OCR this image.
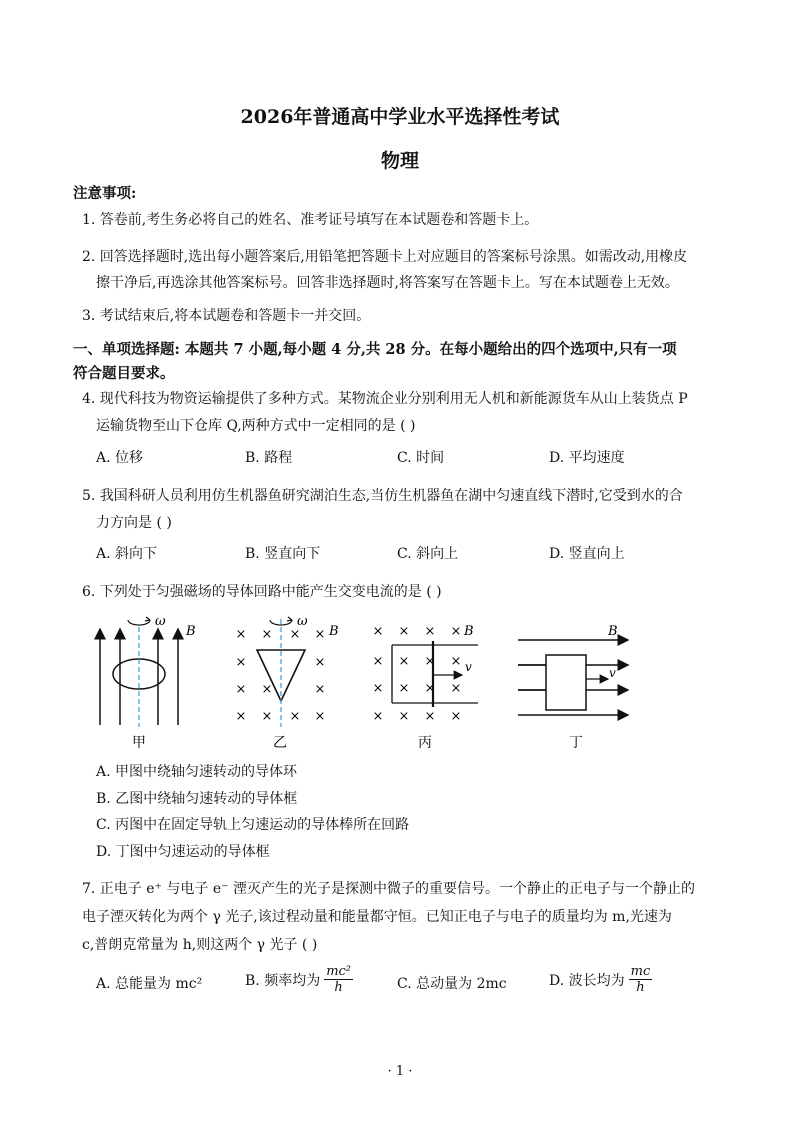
2026年普通高中学业水平选择性考试
物理
注意事项:
1. 答卷前,考生务必将自己的姓名、准考证号填写在本试题卷和答题卡上。
2. 回答选择题时,选出每小题答案后,用铅笔把答题卡上对应题目的答案标号涂黑。如需改动,用橡皮
擦干净后,再选涂其他答案标号。回答非选择题时,将答案写在答题卡上。写在本试题卷上无效。
3. 考试结束后,将本试题卷和答题卡一并交回。
一、单项选择题: 本题共 7 小题,每小题 4 分,共 28 分。在每小题给出的四个选项中,只有一项
符合题目要求。
4. 现代科技为物资运输提供了多种方式。某物流企业分别利用无人机和新能源货车从山上装货点 P
运输货物至山下仓库 Q,两种方式中一定相同的是 ( )
A. 位移	B. 路程	C. 时间	D. 平均速度
5. 我国科研人员利用仿生机器鱼研究湖泊生态,当仿生机器鱼在湖中匀速直线下潜时,它受到水的合
力方向是 ( )
A. 斜向下	B. 竖直向下	C. 斜向上	D. 竖直向上
6. 下列处于匀强磁场的导体回路中能产生交变电流的是 ( )
ω
B
甲
× × × ×
×	×
× ×	×
× × × ×
ω
B
乙
× × × ×
× × × ×
× × × ×
× × × ×
v
B
丙
v
B
丁
A. 甲图中绕轴匀速转动的导体环
B. 乙图中绕轴匀速转动的导体框
C. 丙图中在固定导轨上匀速运动的导体棒所在回路
D. 丁图中匀速运动的导体框
7. 正电子 e⁺ 与电子 e⁻ 湮灭产生的光子是探测中微子的重要信号。一个静止的正电子与一个静止的
电子湮灭转化为两个 γ 光子,该过程动量和能量都守恒。已知正电子与电子的质量均为 m,光速为
c,普朗克常量为 h,则这两个 γ 光子 ( )
A. 总能量为 mc²	B. 频率均为 $\frac{\text{mc²}}{h}$	C. 总动量为 2mc	D. 波长均为 $\frac{mc}{h}$
· 1 ·
